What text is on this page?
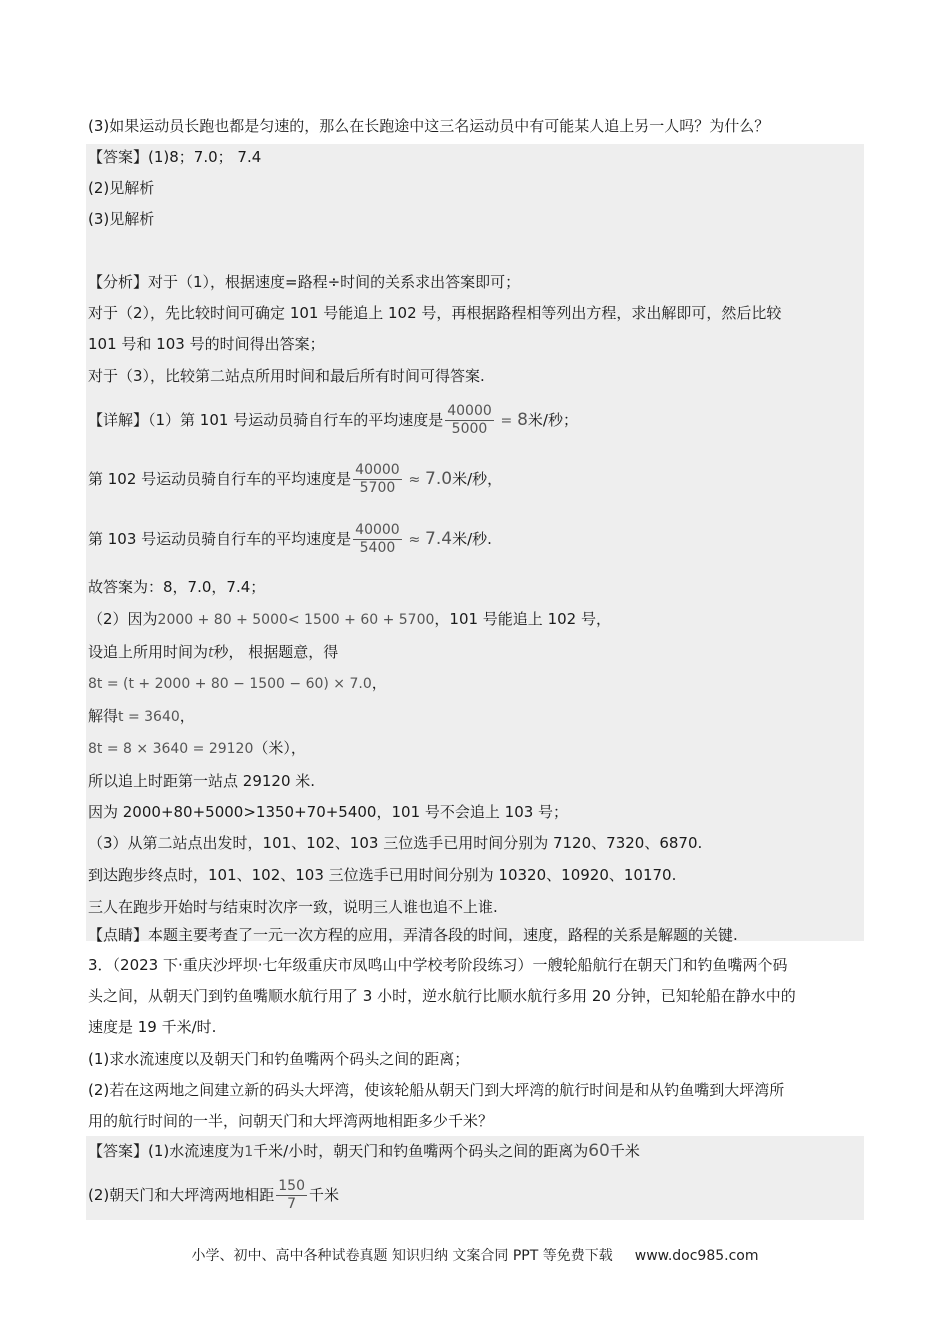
(3)如果运动员长跑也都是匀速的，那么在长跑途中这三名运动员中有可能某人追上另一人吗？为什么？
【答案】(1)8；7.0； 7.4
(2)见解析
(3)见解析
【分析】对于（1），根据速度=路程÷时间的关系求出答案即可；
对于（2），先比较时间可确定 101 号能追上 102 号，再根据路程相等列出方程，求出解即可，然后比较
101 号和 103 号的时间得出答案；
对于（3），比较第二站点所用时间和最后所有时间可得答案.
【详解】（1）第 101 号运动员骑自行车的平均速度是 $\frac{40000}{5000} = 8$米/秒；
第 102 号运动员骑自行车的平均速度是 $\frac{40000}{5700} \approx 7.0$米/秒，
第 103 号运动员骑自行车的平均速度是 $\frac{40000}{5400} \approx 7.4$米/秒.
故答案为：8，7.0，7.4；
（2）因为2000 + 80 + 5000< 1500 + 60 + 5700，101 号能追上 102 号，
设追上所用时间为t秒， 根据题意，得
8t = (t + 2000 + 80 − 1500 − 60) × 7.0，
解得t = 3640，
8t = 8 × 3640 = 29120（米），
所以追上时距第一站点 29120 米.
因为 2000+80+5000>1350+70+5400，101 号不会追上 103 号；
（3）从第二站点出发时，101、102、103 三位选手已用时间分别为 7120、7320、6870.
到达跑步终点时，101、102、103 三位选手已用时间分别为 10320、10920、10170.
三人在跑步开始时与结束时次序一致，说明三人谁也追不上谁.
【点睛】本题主要考查了一元一次方程的应用，弄清各段的时间，速度，路程的关系是解题的关键.
3．（2023 下·重庆沙坪坝·七年级重庆市凤鸣山中学校考阶段练习）一艘轮船航行在朝天门和钓鱼嘴两个码
头之间，从朝天门到钓鱼嘴顺水航行用了 3 小时，逆水航行比顺水航行多用 20 分钟，已知轮船在静水中的
速度是 19 千米/时.
(1)求水流速度以及朝天门和钓鱼嘴两个码头之间的距离；
(2)若在这两地之间建立新的码头大坪湾，使该轮船从朝天门到大坪湾的航行时间是和从钓鱼嘴到大坪湾所
用的航行时间的一半，问朝天门和大坪湾两地相距多少千米？
【答案】(1)水流速度为1千米/小时，朝天门和钓鱼嘴两个码头之间的距离为60千米
(2)朝天门和大坪湾两地相距 $\frac{150}{7}$ 千米
小学、初中、高中各种试卷真题 知识归纳 文案合同 PPT 等免费下载 www.doc985.com
